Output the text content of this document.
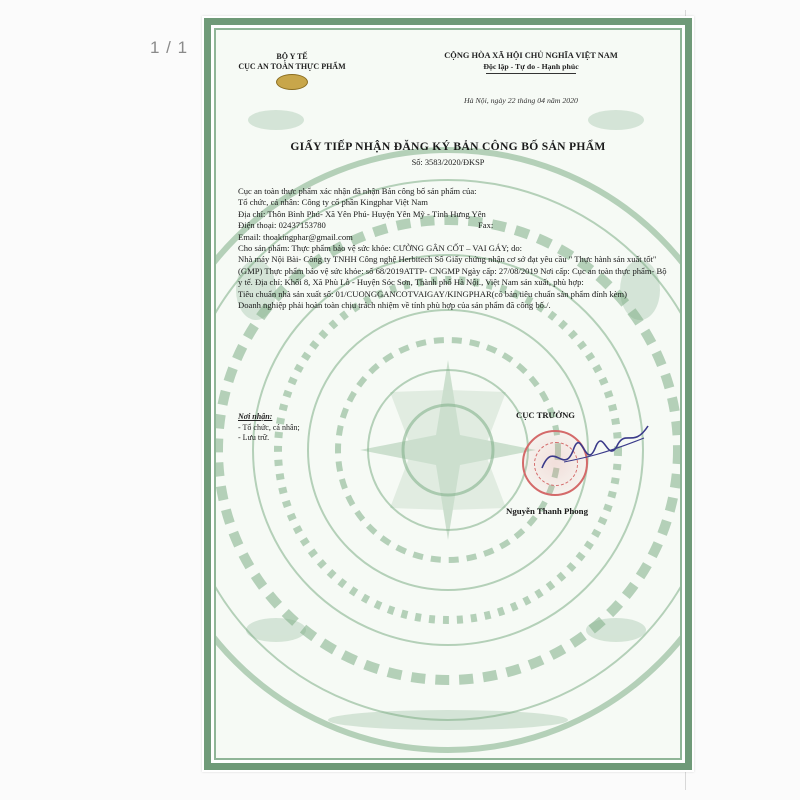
1 / 1	BỘ Y TẾ
CỤC AN TOÀN THỰC PHẨM
CỘNG HÒA XÃ HỘI CHỦ NGHĨA VIỆT NAM
Độc lập - Tự do - Hạnh phúc
Hà Nội, ngày 22 tháng 04 năm 2020
GIẤY TIẾP NHẬN ĐĂNG KÝ BẢN CÔNG BỐ SẢN PHẨM
Số: 3583/2020/ĐKSP

Cục an toàn thực phẩm xác nhận đã nhận Bản công bố sản phẩm của:

Tổ chức, cá nhân: Công ty cổ phần Kingphar Việt Nam

Địa chỉ: Thôn Bình Phú- Xã Yên Phú- Huyện Yên Mỹ - Tỉnh Hưng Yên

Điện thoại: 02437153780	Fax:

Email: thoakingphar@gmail.com

Cho sản phẩm: Thực phẩm bảo vệ sức khỏe: CƯỜNG GÂN CỐT – VAI GÁY; do:

Nhà máy Nội Bài- Công ty TNHH Công nghệ Herbitech Số Giấy chứng nhận cơ sở đạt yêu cầu " Thực hành sản xuất tốt" (GMP) Thực phẩm bảo vệ sức khỏe: số 68/2019ATTP- CNGMP Ngày cấp: 27/08/2019 Nơi cấp: Cục an toàn thực phẩm- Bộ y tế. Địa chỉ: Khối 8, Xã Phù Lỗ - Huyện Sóc Sơn, Thành phố Hà Nội., Việt Nam sản xuất, phù hợp:

Tiêu chuẩn nhà sản xuất số: 01/CUONGGANCOTVAIGAY/KINGPHAR(có bản tiêu chuẩn sản phẩm đính kèm)

Doanh nghiệp phải hoàn toàn chịu trách nhiệm về tính phù hợp của sản phẩm đã công bố./.

Nơi nhận:
- Tổ chức, cá nhân;
- Lưu trữ.
CỤC TRƯỞNG
Nguyễn Thanh Phong
